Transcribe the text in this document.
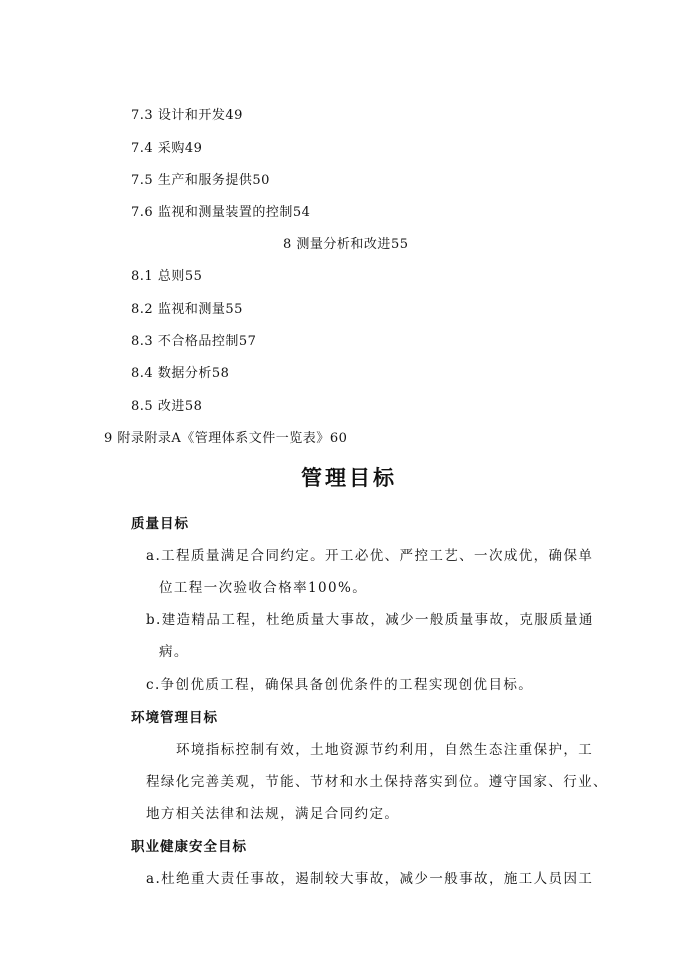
7.3 设计和开发49
7.4 采购49
7.5 生产和服务提供50
7.6 监视和测量装置的控制54
8 测量分析和改进55
8.1 总则55
8.2 监视和测量55
8.3 不合格品控制57
8.4 数据分析58
8.5 改进58
9 附录附录A《管理体系文件一览表》60
管理目标
质量目标
a.工程质量满足合同约定。开工必优、严控工艺、一次成优，确保单
位工程一次验收合格率100%。
b.建造精品工程，杜绝质量大事故，减少一般质量事故，克服质量通
病。
c.争创优质工程，确保具备创优条件的工程实现创优目标。
环境管理目标
环境指标控制有效，土地资源节约利用，自然生态注重保护，工
程绿化完善美观，节能、节材和水土保持落实到位。遵守国家、行业、
地方相关法律和法规，满足合同约定。
职业健康安全目标
a.杜绝重大责任事故，遏制较大事故，减少一般事故，施工人员因工
